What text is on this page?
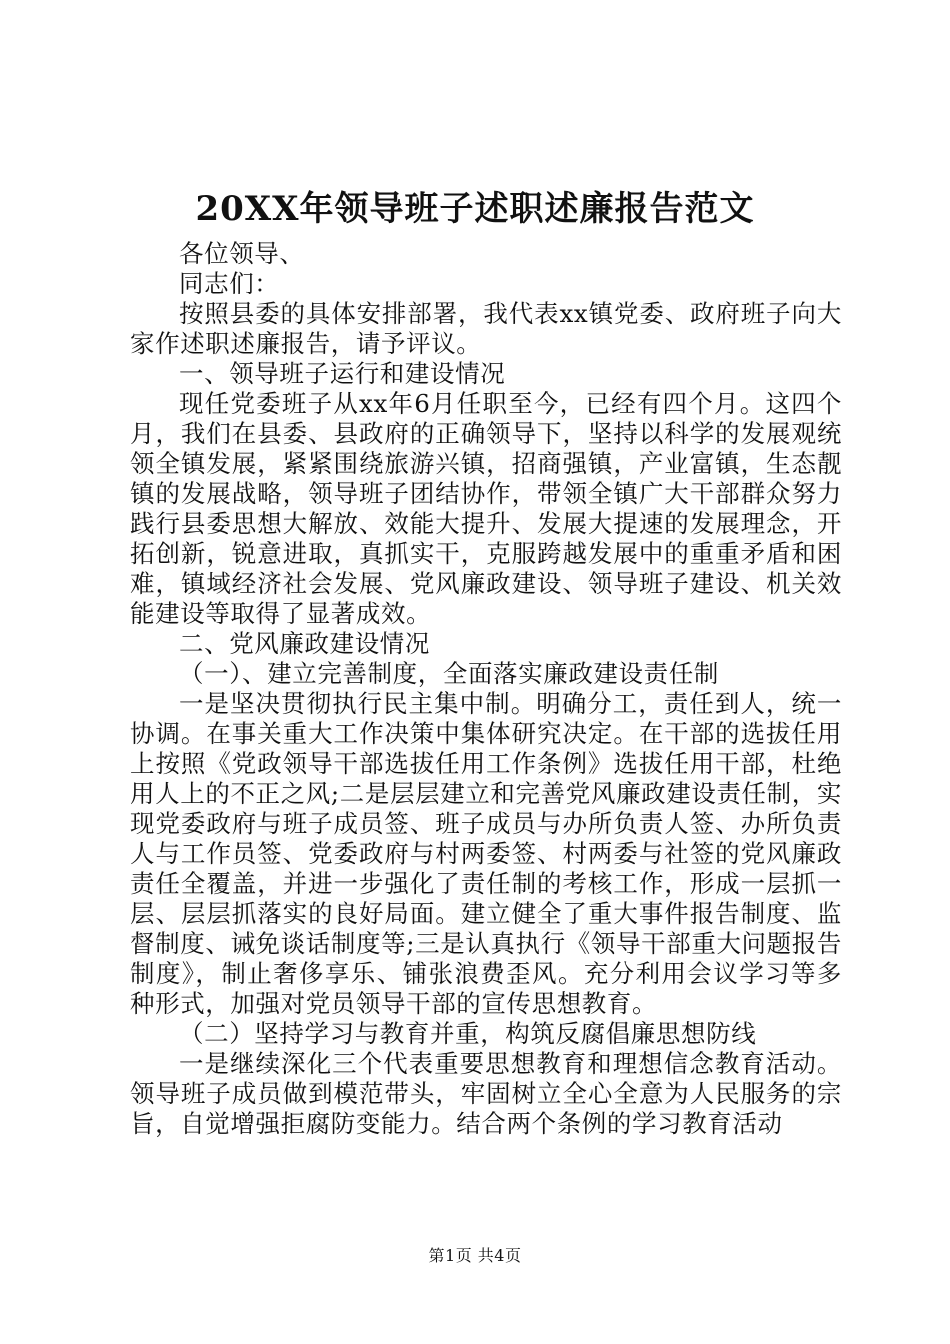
20XX年领导班子述职述廉报告范文

各位领导、

同志们：

按照县委的具体安排部署，我代表xx镇党委、政府班子向大家作述职述廉报告，请予评议。

一、领导班子运行和建设情况

现任党委班子从xx年6月任职至今，已经有四个月。这四个月，我们在县委、县政府的正确领导下，坚持以科学的发展观统领全镇发展，紧紧围绕旅游兴镇，招商强镇，产业富镇，生态靓镇的发展战略，领导班子团结协作，带领全镇广大干部群众努力践行县委思想大解放、效能大提升、发展大提速的发展理念，开拓创新，锐意进取，真抓实干，克服跨越发展中的重重矛盾和困难，镇域经济社会发展、党风廉政建设、领导班子建设、机关效能建设等取得了显著成效。

二、党风廉政建设情况

（一）、建立完善制度，全面落实廉政建设责任制

一是坚决贯彻执行民主集中制。明确分工，责任到人，统一协调。在事关重大工作决策中集体研究决定。在干部的选拔任用上按照《党政领导干部选拔任用工作条例》选拔任用干部，杜绝用人上的不正之风;二是层层建立和完善党风廉政建设责任制，实现党委政府与班子成员签、班子成员与办所负责人签、办所负责人与工作员签、党委政府与村两委签、村两委与社签的党风廉政责任全覆盖，并进一步强化了责任制的考核工作，形成一层抓一层、层层抓落实的良好局面。建立健全了重大事件报告制度、监督制度、诫免谈话制度等;三是认真执行《领导干部重大问题报告制度》，制止奢侈享乐、铺张浪费歪风。充分利用会议学习等多种形式，加强对党员领导干部的宣传思想教育。

（二）坚持学习与教育并重，构筑反腐倡廉思想防线

一是继续深化三个代表重要思想教育和理想信念教育活动。领导班子成员做到模范带头，牢固树立全心全意为人民服务的宗旨，自觉增强拒腐防变能力。结合两个条例的学习教育活动

第1页 共4页
